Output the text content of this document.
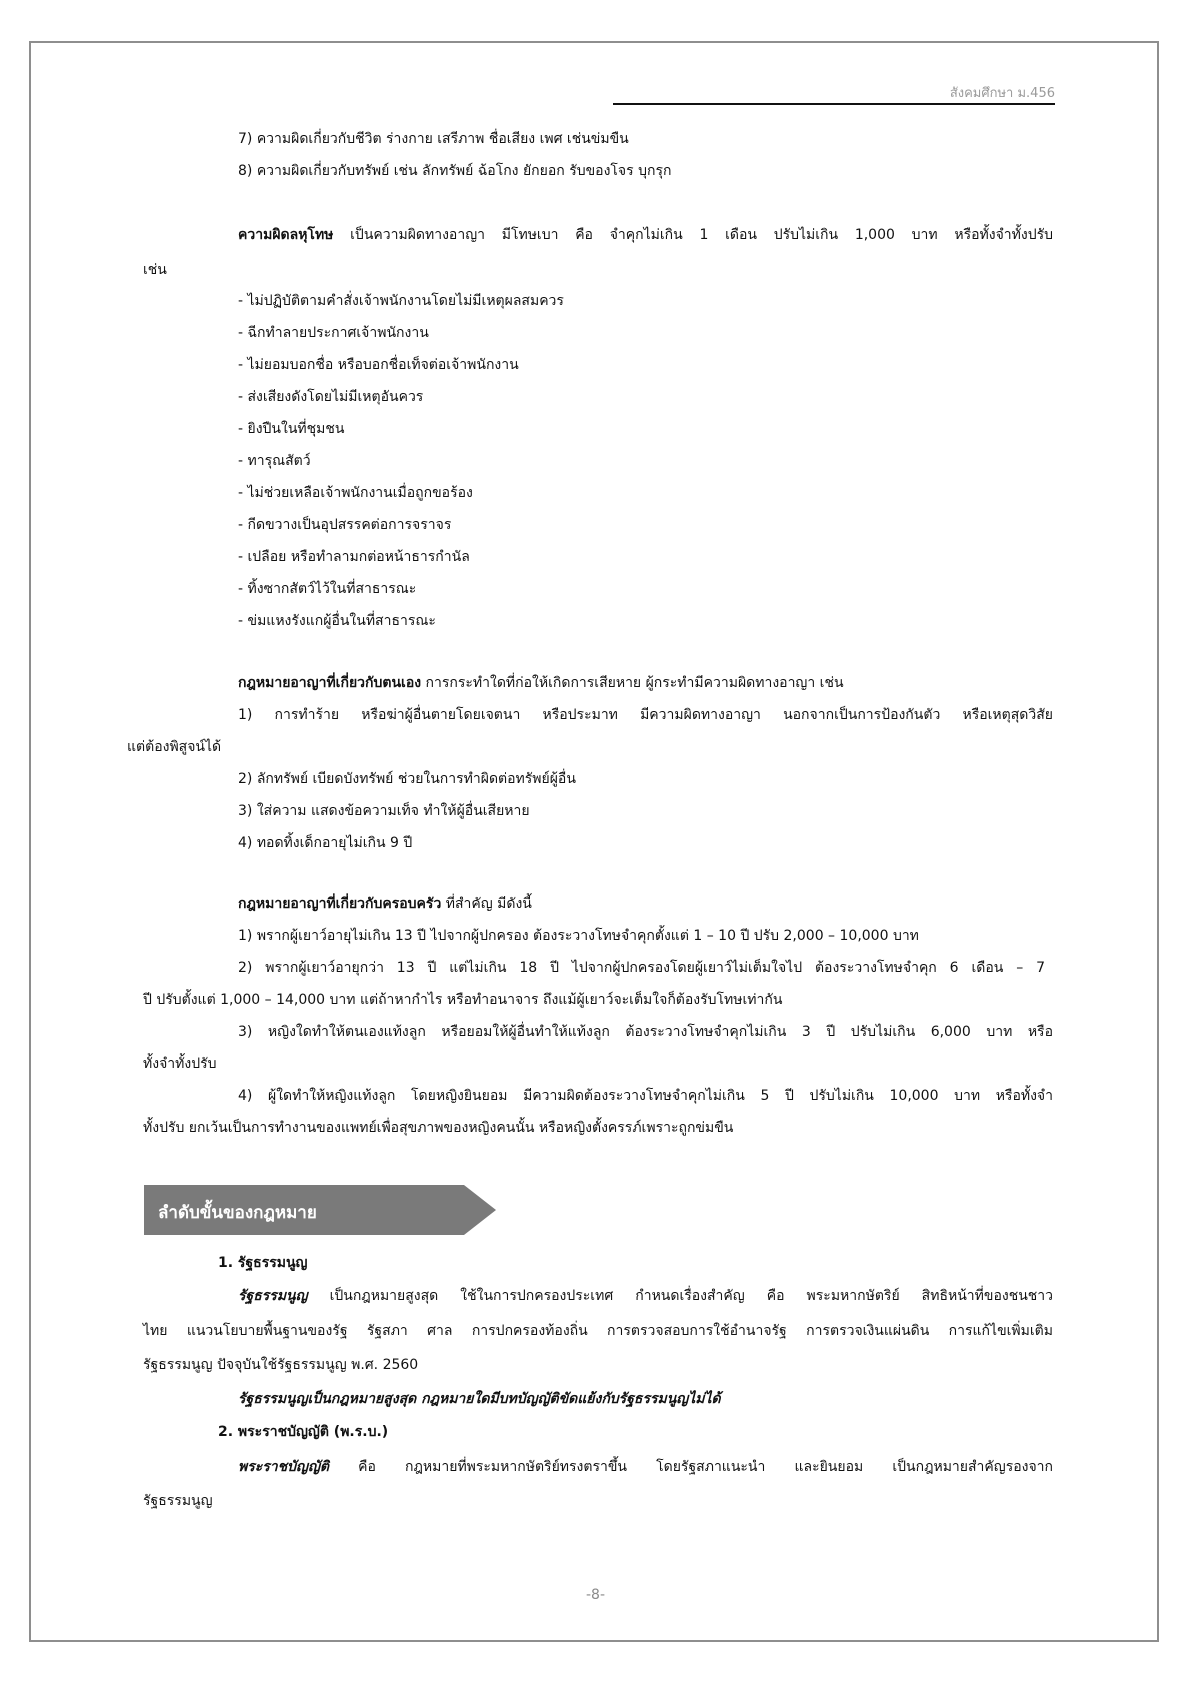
สังคมศึกษา ม.456
7) ความผิดเกี่ยวกับชีวิต ร่างกาย เสรีภาพ ชื่อเสียง เพศ เช่นข่มขืน
8) ความผิดเกี่ยวกับทรัพย์ เช่น ลักทรัพย์ ฉ้อโกง ยักยอก รับของโจร บุกรุก
ความผิดลหุโทษ เป็นความผิดทางอาญา มีโทษเบา คือ จำคุกไม่เกิน 1 เดือน ปรับไม่เกิน 1,000 บาท หรือทั้งจำทั้งปรับ
เช่น
- ไม่ปฏิบัติตามคำสั่งเจ้าพนักงานโดยไม่มีเหตุผลสมควร
- ฉีกทำลายประกาศเจ้าพนักงาน
- ไม่ยอมบอกชื่อ หรือบอกชื่อเท็จต่อเจ้าพนักงาน
- ส่งเสียงดังโดยไม่มีเหตุอันควร
- ยิงปืนในที่ชุมชน
- ทารุณสัตว์
- ไม่ช่วยเหลือเจ้าพนักงานเมื่อถูกขอร้อง
- กีดขวางเป็นอุปสรรคต่อการจราจร
- เปลือย หรือทำลามกต่อหน้าธารกำนัล
- ทิ้งซากสัตว์ไว้ในที่สาธารณะ
- ข่มแหงรังแกผู้อื่นในที่สาธารณะ
กฎหมายอาญาที่เกี่ยวกับตนเอง การกระทำใดที่ก่อให้เกิดการเสียหาย ผู้กระทำมีความผิดทางอาญา เช่น
1) การทำร้าย หรือฆ่าผู้อื่นตายโดยเจตนา หรือประมาท มีความผิดทางอาญา นอกจากเป็นการป้องกันตัว หรือเหตุสุดวิสัย
แต่ต้องพิสูจน์ได้
2) ลักทรัพย์ เบียดบังทรัพย์ ช่วยในการทำผิดต่อทรัพย์ผู้อื่น
3) ใส่ความ แสดงข้อความเท็จ ทำให้ผู้อื่นเสียหาย
4) ทอดทิ้งเด็กอายุไม่เกิน 9 ปี
กฎหมายอาญาที่เกี่ยวกับครอบครัว ที่สำคัญ มีดังนี้
1) พรากผู้เยาว์อายุไม่เกิน 13 ปี ไปจากผู้ปกครอง ต้องระวางโทษจำคุกตั้งแต่ 1 – 10 ปี ปรับ 2,000 – 10,000 บาท
2) พรากผู้เยาว์อายุกว่า 13 ปี แต่ไม่เกิน 18 ปี ไปจากผู้ปกครองโดยผู้เยาว์ไม่เต็มใจไป ต้องระวางโทษจำคุก 6 เดือน – 7
ปี ปรับตั้งแต่ 1,000 – 14,000 บาท แต่ถ้าหากำไร หรือทำอนาจาร ถึงแม้ผู้เยาว์จะเต็มใจก็ต้องรับโทษเท่ากัน
3) หญิงใดทำให้ตนเองแท้งลูก หรือยอมให้ผู้อื่นทำให้แท้งลูก ต้องระวางโทษจำคุกไม่เกิน 3 ปี ปรับไม่เกิน 6,000 บาท หรือ
ทั้งจำทั้งปรับ
4) ผู้ใดทำให้หญิงแท้งลูก โดยหญิงยินยอม มีความผิดต้องระวางโทษจำคุกไม่เกิน 5 ปี ปรับไม่เกิน 10,000 บาท หรือทั้งจำ
ทั้งปรับ ยกเว้นเป็นการทำงานของแพทย์เพื่อสุขภาพของหญิงคนนั้น หรือหญิงตั้งครรภ์เพราะถูกข่มขืน
ลำดับขั้นของกฎหมาย
1. รัฐธรรมนูญ
รัฐธรรมนูญ เป็นกฎหมายสูงสุด ใช้ในการปกครองประเทศ กำหนดเรื่องสำคัญ คือ พระมหากษัตริย์ สิทธิหน้าที่ของชนชาว
ไทย แนวนโยบายพื้นฐานของรัฐ รัฐสภา ศาล การปกครองท้องถิ่น การตรวจสอบการใช้อำนาจรัฐ การตรวจเงินแผ่นดิน การแก้ไขเพิ่มเติม
รัฐธรรมนูญ ปัจจุบันใช้รัฐธรรมนูญ พ.ศ. 2560
รัฐธรรมนูญเป็นกฎหมายสูงสุด กฎหมายใดมีบทบัญญัติขัดแย้งกับรัฐธรรมนูญไม่ได้
2. พระราชบัญญัติ (พ.ร.บ.)
พระราชบัญญัติ คือ กฎหมายที่พระมหากษัตริย์ทรงตราขึ้น โดยรัฐสภาแนะนำ และยินยอม เป็นกฎหมายสำคัญรองจาก
รัฐธรรมนูญ
-8-
